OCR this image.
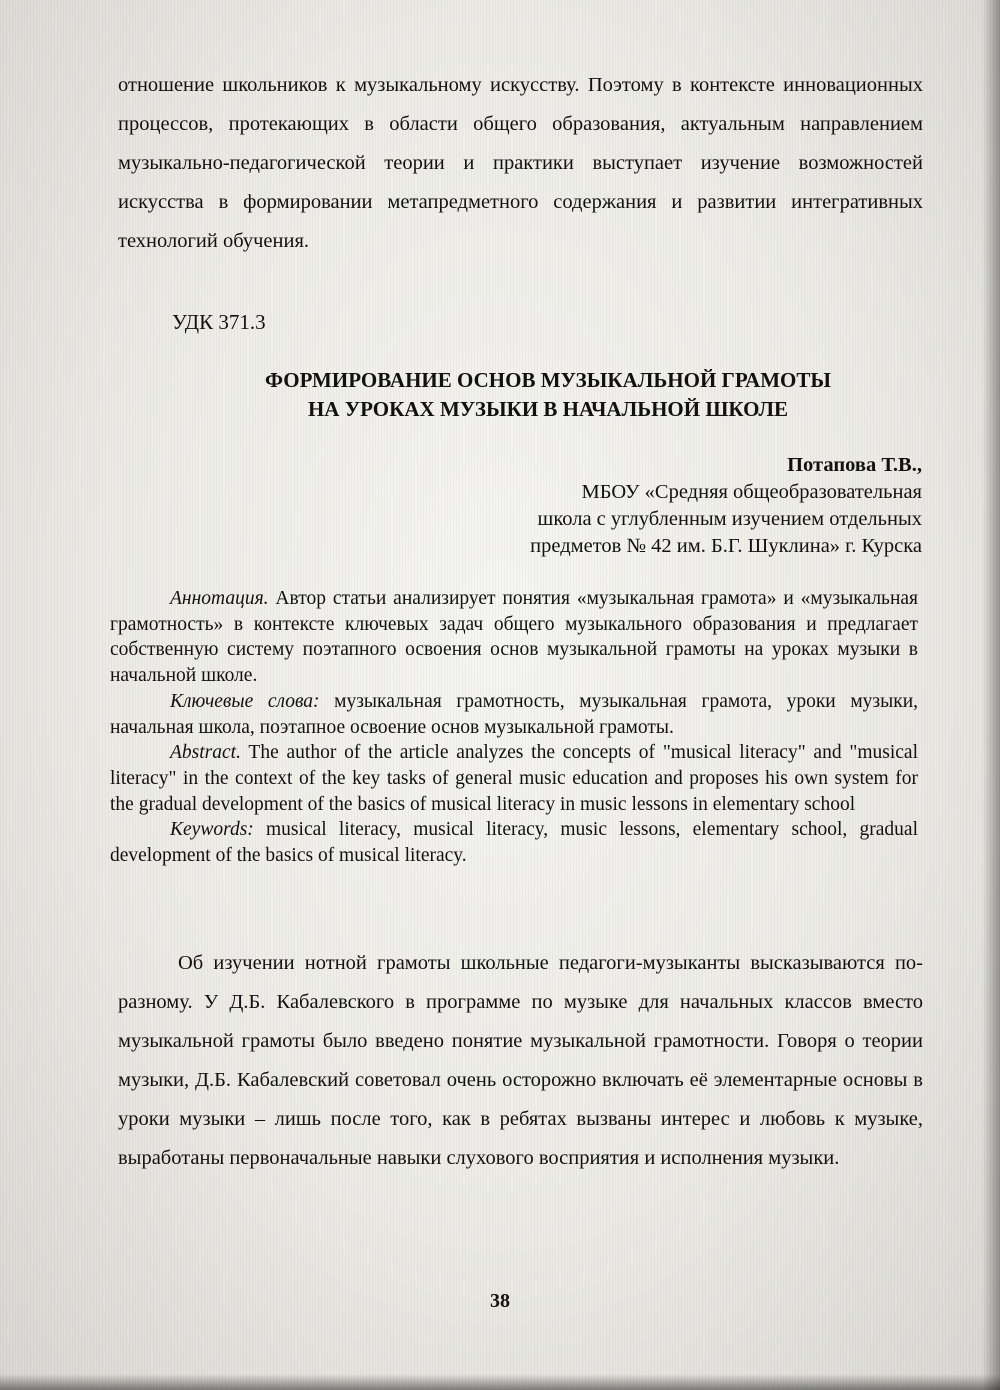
отношение школьников к музыкальному искусству. Поэтому в контексте инновационных процессов, протекающих в области общего образования, актуальным направлением музыкально-педагогической теории и практики выступает изучение возможностей искусства в формировании метапредметного содержания и развитии интегративных технологий обучения.
УДК 371.3
ФОРМИРОВАНИЕ ОСНОВ МУЗЫКАЛЬНОЙ ГРАМОТЫ
НА УРОКАХ МУЗЫКИ В НАЧАЛЬНОЙ ШКОЛЕ
Потапова Т.В.,
МБОУ «Средняя общеобразовательная
школа с углубленным изучением отдельных
предметов № 42 им. Б.Г. Шуклина» г. Курска

Аннотация. Автор статьи анализирует понятия «музыкальная грамота» и «музыкальная грамотность» в контексте ключевых задач общего музыкального образования и предлагает собственную систему поэтапного освоения основ музыкальной грамоты на уроках музыки в начальной школе.

Ключевые слова: музыкальная грамотность, музыкальная грамота, уроки музыки, начальная школа, поэтапное освоение основ музыкальной грамоты.

Abstract. The author of the article analyzes the concepts of "musical literacy" and "musical literacy" in the context of the key tasks of general music education and proposes his own system for the gradual development of the basics of musical literacy in music lessons in elementary school

Keywords: musical literacy, musical literacy, music lessons, elementary school, gradual development of the basics of musical literacy.

Об изучении нотной грамоты школьные педагоги-музыканты высказываются по-разному. У Д.Б. Кабалевского в программе по музыке для начальных классов вместо музыкальной грамоты было введено понятие музыкальной грамотности. Говоря о теории музыки, Д.Б. Кабалевский советовал очень осторожно включать её элементарные основы в уроки музыки – лишь после того, как в ребятах вызваны интерес и любовь к музыке, выработаны первоначальные навыки слухового восприятия и исполнения музыки.

38
